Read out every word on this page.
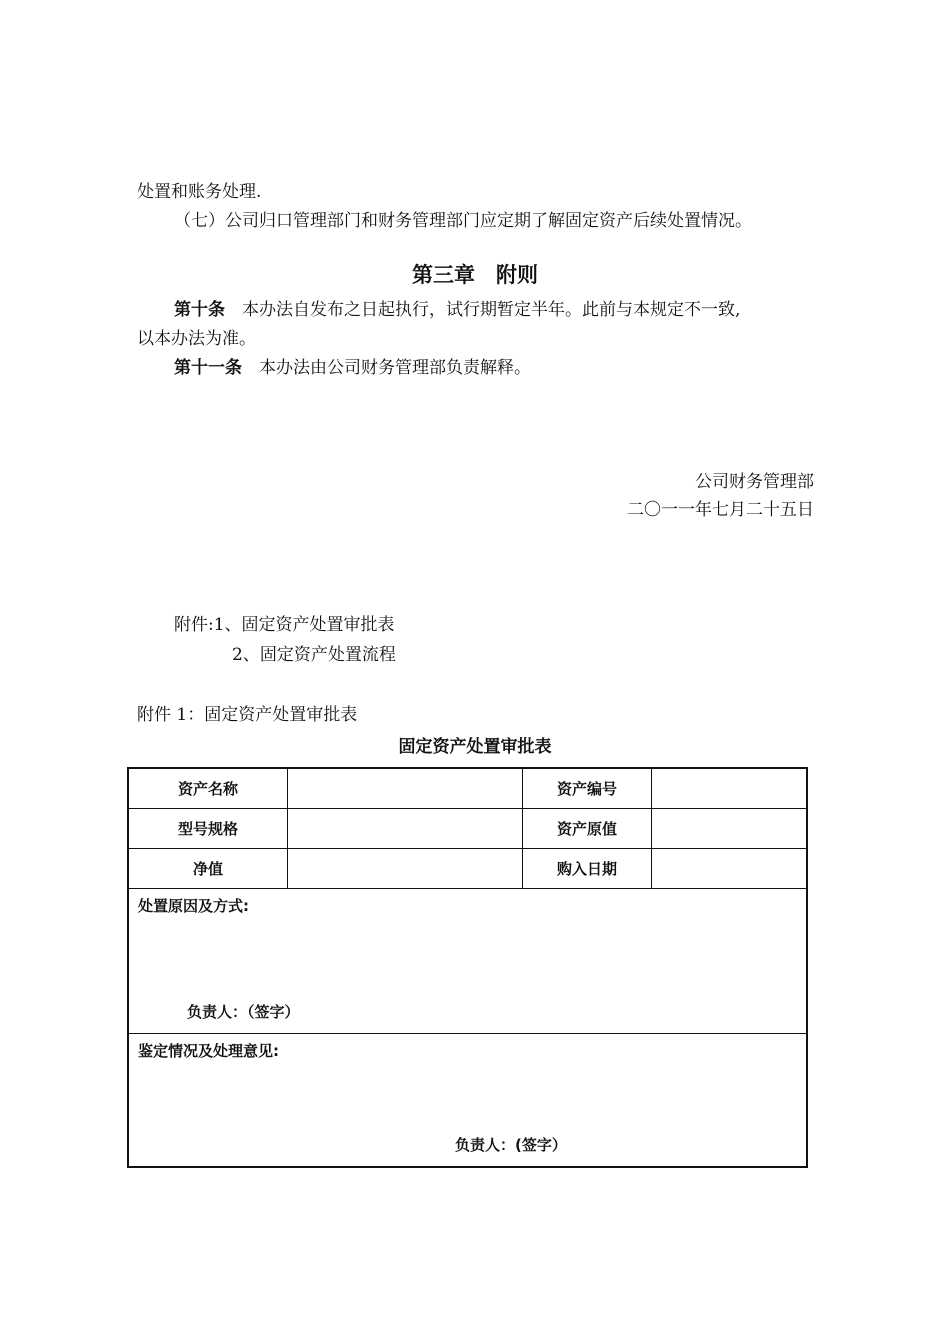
处置和账务处理.
（七）公司归口管理部门和财务管理部门应定期了解固定资产后续处置情况。
第三章　附则
第十条　本办法自发布之日起执行，试行期暂定半年。此前与本规定不一致,
以本办法为准。
第十一条　本办法由公司财务管理部负责解释。
公司财务管理部
二〇一一年七月二十五日
附件:1、固定资产处置审批表
2、固定资产处置流程
附件 1：固定资产处置审批表
固定资产处置审批表
资产名称		资产编号	
型号规格		资产原值	
净值		购入日期	

处置原因及方式:
负责人：（签字）			

鉴定情况及处理意见:
负责人：(签字）			
